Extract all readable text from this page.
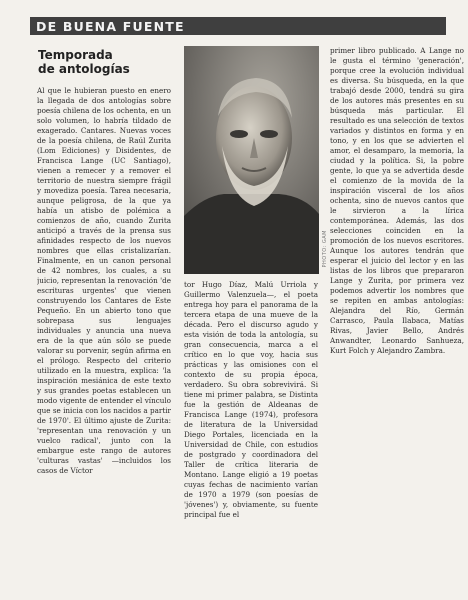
DE BUENA FUENTE
Temporada
de antologías
Al que le hubieran puesto en enero la llegada de dos antologías sobre poesía chilena de los ochenta, en un solo volumen, lo habría tildado de exagerado. Cantares. Nuevas voces de la poesía chilena, de Raúl Zurita (Lom Ediciones) y Disidentes, de Francisca Lange (UC Santiago), vienen a remecer y a remover el territorio de nuestra siempre frágil y movediza poesía. Tarea necesaria, aunque peligrosa, de la que ya había un atisbo de polémica a comienzos de año, cuando Zurita anticipó a través de la prensa sus afinidades respecto de los nuevos nombres que ellas cristalizarían. Finalmente, en un canon personal de 42 nombres, los cuales, a su juicio, representan la renovación 'de escrituras urgentes' que vienen construyendo los Cantares de Este Pequeño. En un abierto tono que sobrepasa sus lenguajes individuales y anuncia una nueva era de la que aún sólo se puede valorar su porvenir, según afirma en el prólogo. Respecto del criterio utilizado en la muestra, explica: 'la inspiración mesiánica de este texto y sus grandes poetas establecen un modo vigente de entender el vínculo que se inicia con los nacidos a partir de 1970'. El último ajuste de Zurita: 'representan una renovación y un vuelco radical', junto con la embargue este rango de autores 'culturas vastas' —incluidos los casos de Víctor
PHOTO: GAM
tor Hugo Díaz, Malú Urriola y Guillermo Valenzuela—, el poeta entrega hoy para el panorama de la tercera etapa de una mueve de la década. Pero el discurso agudo y esta visión de toda la antología, su gran consecuencia, marca a el crítico en lo que voy, hacia sus prácticas y las omisiones con el contexto de su propia época, verdadero. Su obra sobrevivirá. Si tiene mi primer palabra, se Distinta fue la gestión de Aldeanas de Francisca Lange (1974), profesora de literatura de la Universidad Diego Portales, licenciada en la Universidad de Chile, con estudios de postgrado y coordinadora del Taller de crítica literaria de Montano. Lange eligió a 19 poetas cuyas fechas de nacimiento varían de 1970 a 1979 (son poesías de 'jóvenes') y, obviamente, su fuente principal fue el
primer libro publicado. A Lange no le gusta el término 'generación', porque cree la evolución individual es diversa. Su búsqueda, en la que trabajó desde 2000, tendrá su gira de los autores más presentes en su búsqueda más particular. El resultado es una selección de textos variados y distintos en forma y en tono, y en los que se advierten el amor, el desamparo, la memoria, la ciudad y la política. Si, la pobre gente, lo que ya se advertida desde el comienzo de la movida de la inspiración visceral de los años ochenta, sino de nuevos cantos que le sirvieron a la lírica contemporánea. Además, las dos selecciones coinciden en la promoción de los nuevos escritores. Aunque los autores tendrán que esperar el juicio del lector y en las listas de los libros que prepararon Lange y Zurita, por primera vez podemos advertir los nombres que se repiten en ambas antologías: Alejandra del Río, Germán Carrasco, Paula Ilabaca, Matías Rivas, Javier Bello, Andrés Anwandter, Leonardo Sanhueza, Kurt Folch y Alejandro Zambra.
